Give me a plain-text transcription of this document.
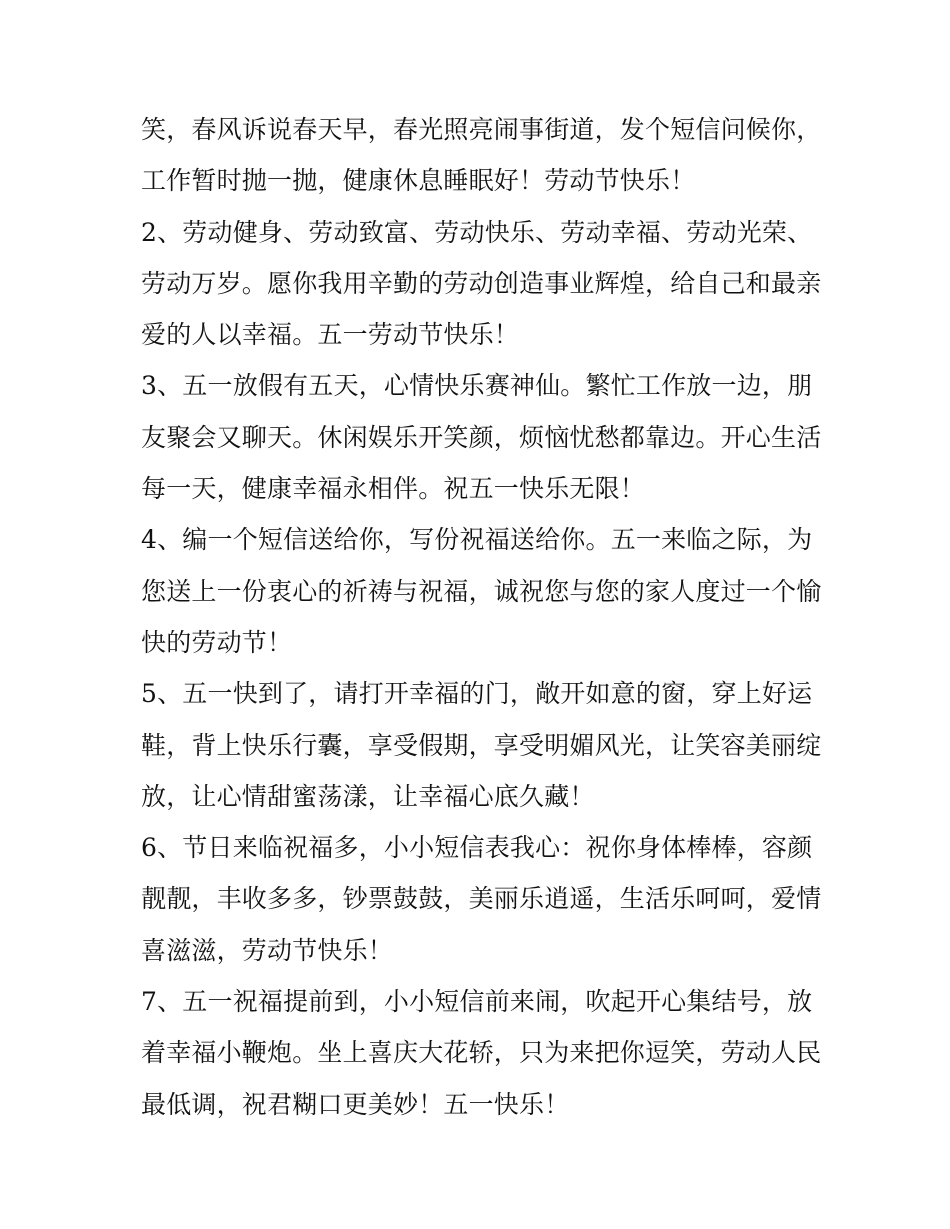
笑，春风诉说春天早，春光照亮闹事街道，发个短信问候你，
工作暂时抛一抛，健康休息睡眠好！劳动节快乐！
2、劳动健身、劳动致富、劳动快乐、劳动幸福、劳动光荣、
劳动万岁。愿你我用辛勤的劳动创造事业辉煌，给自己和最亲
爱的人以幸福。五一劳动节快乐！
3、五一放假有五天，心情快乐赛神仙。繁忙工作放一边，朋
友聚会又聊天。休闲娱乐开笑颜，烦恼忧愁都靠边。开心生活
每一天，健康幸福永相伴。祝五一快乐无限！
4、编一个短信送给你，写份祝福送给你。五一来临之际，为
您送上一份衷心的祈祷与祝福，诚祝您与您的家人度过一个愉
快的劳动节！
5、五一快到了，请打开幸福的门，敞开如意的窗，穿上好运
鞋，背上快乐行囊，享受假期，享受明媚风光，让笑容美丽绽
放，让心情甜蜜荡漾，让幸福心底久藏！
6、节日来临祝福多，小小短信表我心：祝你身体棒棒，容颜
靓靓，丰收多多，钞票鼓鼓，美丽乐逍遥，生活乐呵呵，爱情
喜滋滋，劳动节快乐！
7、五一祝福提前到，小小短信前来闹，吹起开心集结号，放
着幸福小鞭炮。坐上喜庆大花轿，只为来把你逗笑，劳动人民
最低调，祝君糊口更美妙！五一快乐！
